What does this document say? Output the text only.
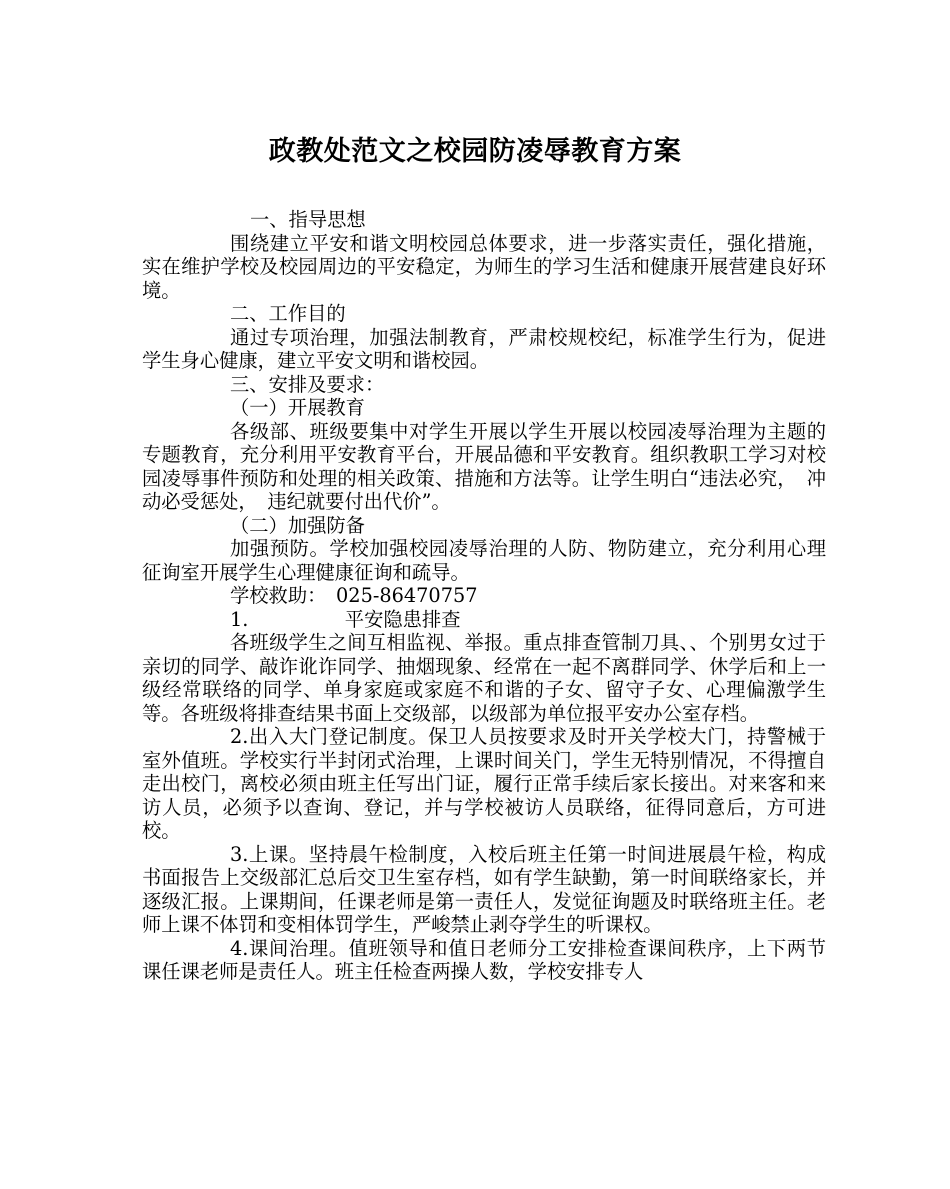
政教处范文之校园防凌辱教育方案

一、指导思想

围绕建立平安和谐文明校园总体要求，进一步落实责任，强化措施，实在维护学校及校园周边的平安稳定，为师生的学习生活和健康开展营建良好环境。

二、工作目的

通过专项治理，加强法制教育，严肃校规校纪，标准学生行为，促进学生身心健康，建立平安文明和谐校园。

三、安排及要求：

（一）开展教育

各级部、班级要集中对学生开展以学生开展以校园凌辱治理为主题的专题教育，充分利用平安教育平台，开展品德和平安教育。组织教职工学习对校园凌辱事件预防和处理的相关政策、措施和方法等。让学生明白“违法必究，　冲动必受惩处，　违纪就要付出代价”。

（二）加强防备

加强预防。学校加强校园凌辱治理的人防、物防建立，充分利用心理征询室开展学生心理健康征询和疏导。

学校救助：　025-86470757

1.　　　　　平安隐患排查

各班级学生之间互相监视、举报。重点排查管制刀具、、个别男女过于亲切的同学、敲诈讹诈同学、抽烟现象、经常在一起不离群同学、休学后和上一级经常联络的同学、单身家庭或家庭不和谐的子女、留守子女、心理偏激学生等。各班级将排查结果书面上交级部，以级部为单位报平安办公室存档。

2.出入大门登记制度。保卫人员按要求及时开关学校大门，持警械于室外值班。学校实行半封闭式治理，上课时间关门，学生无特别情况，不得擅自走出校门，离校必须由班主任写出门证，履行正常手续后家长接出。对来客和来访人员，必须予以查询、登记，并与学校被访人员联络，征得同意后，方可进校。

3.上课。坚持晨午检制度，入校后班主任第一时间进展晨午检，构成书面报告上交级部汇总后交卫生室存档，如有学生缺勤，第一时间联络家长，并逐级汇报。上课期间，任课老师是第一责任人，发觉征询题及时联络班主任。老师上课不体罚和变相体罚学生，严峻禁止剥夺学生的听课权。

4.课间治理。值班领导和值日老师分工安排检查课间秩序，上下两节课任课老师是责任人。班主任检查两操人数，学校安排专人
